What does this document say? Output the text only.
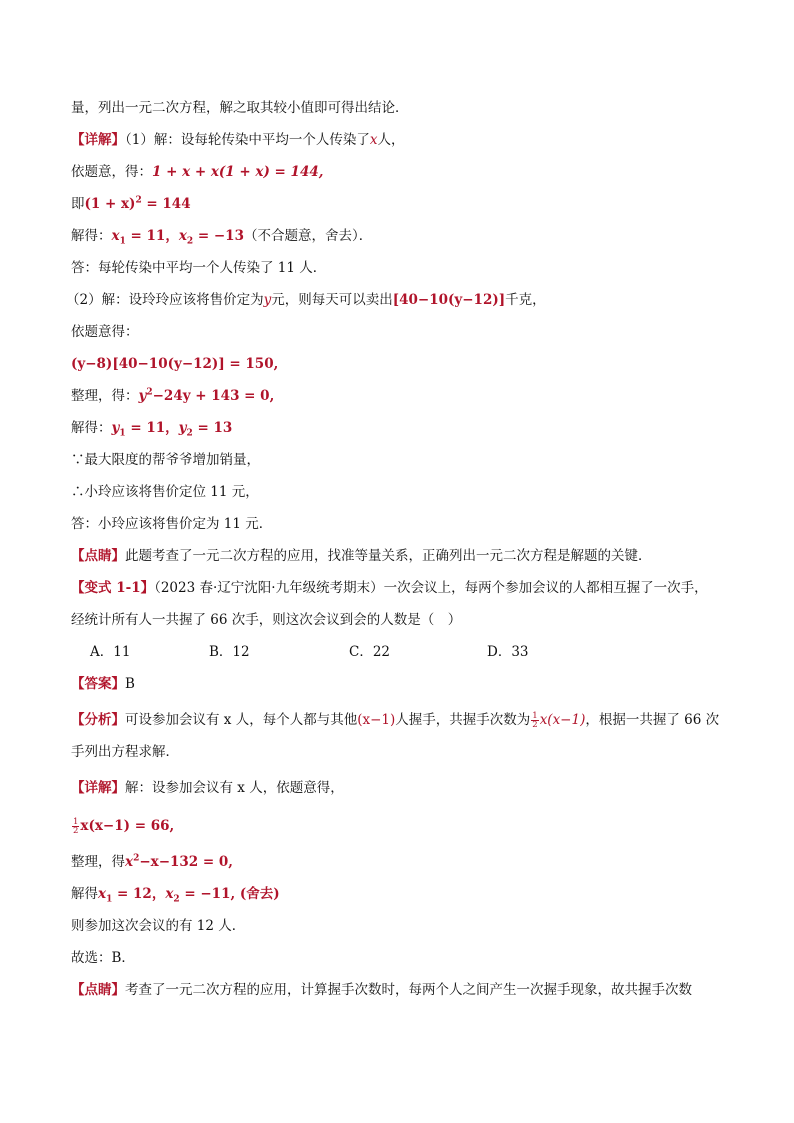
量，列出一元二次方程，解之取其较小值即可得出结论．
【详解】（1）解：设每轮传染中平均一个人传染了x人，
依题意，得：1 + x + x(1 + x) = 144,
即$(1 + x)^2 = 144$
解得：$x_1 = 11$，$x_2 = -13$（不合题意，舍去）．
答：每轮传染中平均一个人传染了 11 人．
（2）解：设玲玲应该将售价定为y元，则每天可以卖出[40−10(y−12)]千克，
依题意得：
(y−8)[40−10(y−12)] = 150,
整理，得：$y^2-24y + 143 = 0$,
解得：$y_1 = 11$，$y_2 = 13$
∵最大限度的帮爷爷增加销量，
∴小玲应该将售价定位 11 元，
答：小玲应该将售价定为 11 元．
【点睛】此题考查了一元二次方程的应用，找准等量关系，正确列出一元二次方程是解题的关键．
【变式 1-1】（2023 春·辽宁沈阳·九年级统考期末）一次会议上，每两个参加会议的人都相互握了一次手，
经统计所有人一共握了 66 次手，则这次会议到会的人数是（　）
A．11	B．12	C．22	D．33
【答案】B
【分析】可设参加会议有 x 人，每个人都与其他(x−1)人握手，共握手次数为 $\frac{1}{2} x(x-1)$，根据一共握了 66 次
手列出方程求解．
【详解】解：设参加会议有 x 人，依题意得，
$\frac{1}{2} x(x-1) = 66$,
整理，得$x^2-x-132 = 0$,
解得$x_1 = 12$，$x_2 = -11$, (舍去)
则参加这次会议的有 12 人．
故选：B．
【点睛】考查了一元二次方程的应用，计算握手次数时，每两个人之间产生一次握手现象，故共握手次数
